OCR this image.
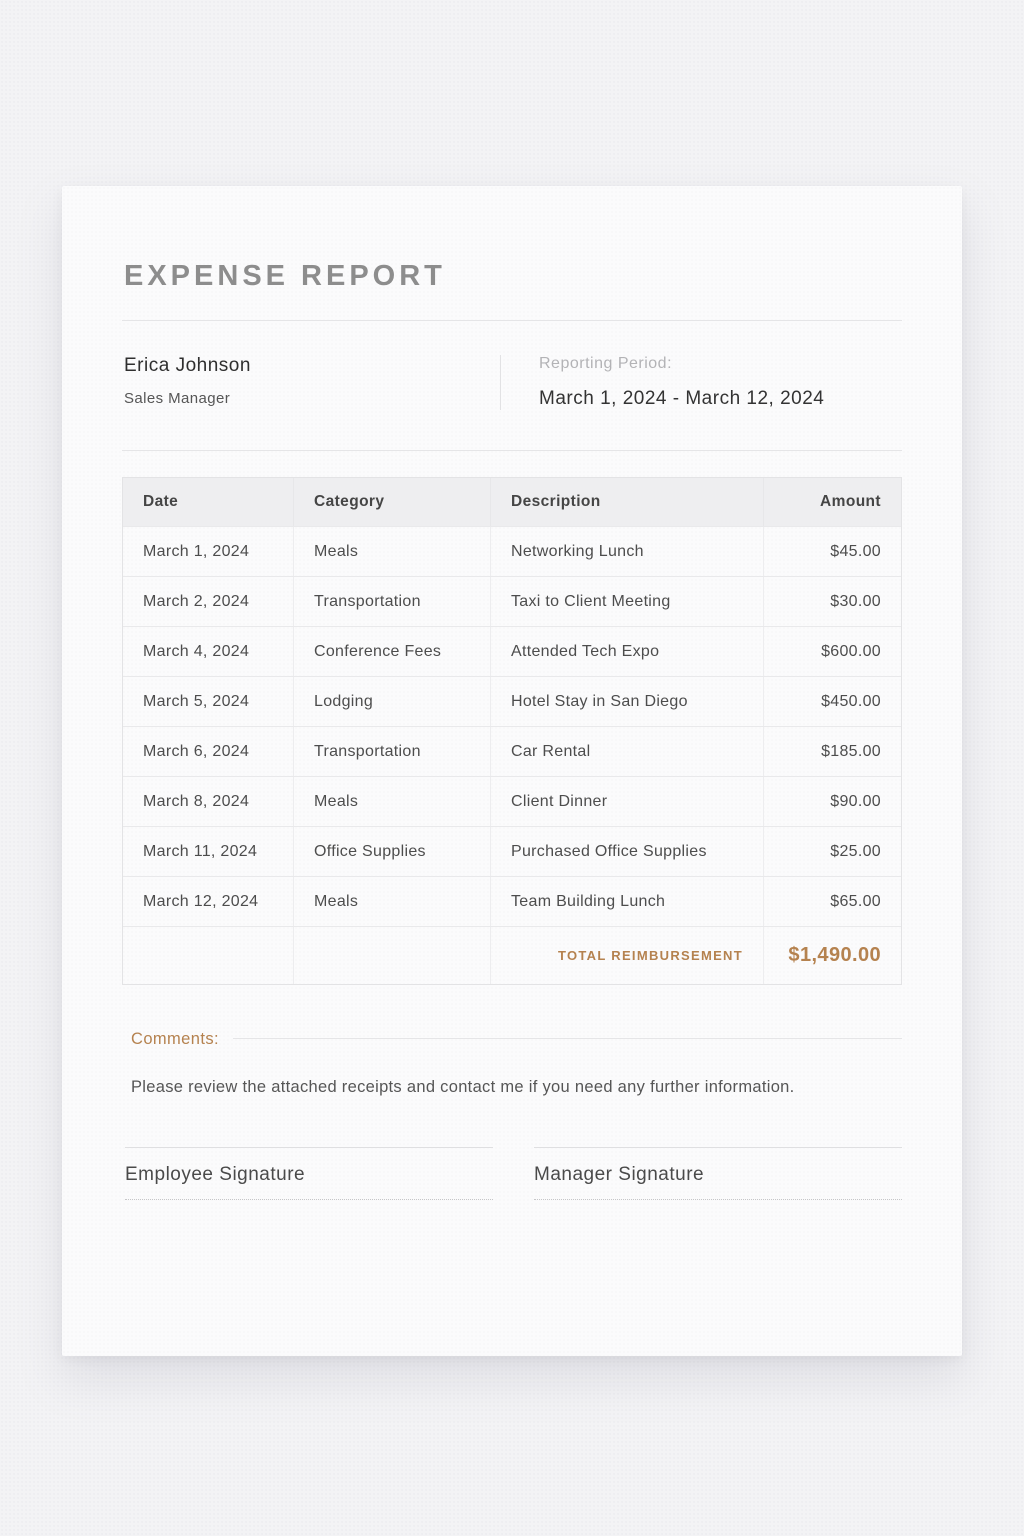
EXPENSE REPORT
Erica Johnson
Sales Manager
Reporting Period:
March 1, 2024 - March 12, 2024
Date	Category	Description	Amount
March 1, 2024	Meals	Networking Lunch	$45.00
March 2, 2024	Transportation	Taxi to Client Meeting	$30.00
March 4, 2024	Conference Fees	Attended Tech Expo	$600.00
March 5, 2024	Lodging	Hotel Stay in San Diego	$450.00
March 6, 2024	Transportation	Car Rental	$185.00
March 8, 2024	Meals	Client Dinner	$90.00
March 11, 2024	Office Supplies	Purchased Office Supplies	$25.00
March 12, 2024	Meals	Team Building Lunch	$65.00
TOTAL REIMBURSEMENT	$1,490.00
Comments:

Please review the attached receipts and contact me if you need any further information.

Employee Signature	Manager Signature
